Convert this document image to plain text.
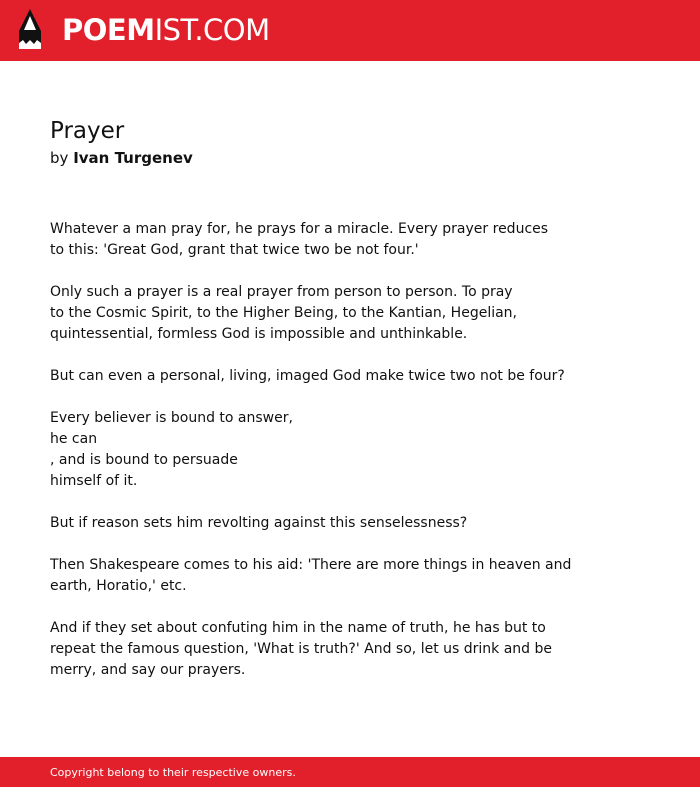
POEMIST.COM
Prayer
by Ivan Turgenev
Whatever a man pray for, he prays for a miracle. Every prayer reduces
to this: 'Great God, grant that twice two be not four.'
Only such a prayer is a real prayer from person to person. To pray
to the Cosmic Spirit, to the Higher Being, to the Kantian, Hegelian,
quintessential, formless God is impossible and unthinkable.
But can even a personal, living, imaged God make twice two not be four?
Every believer is bound to answer,
he can
, and is bound to persuade
himself of it.
But if reason sets him revolting against this senselessness?
Then Shakespeare comes to his aid: 'There are more things in heaven and
earth, Horatio,' etc.
And if they set about confuting him in the name of truth, he has but to
repeat the famous question, 'What is truth?' And so, let us drink and be
merry, and say our prayers.
Copyright belong to their respective owners.
